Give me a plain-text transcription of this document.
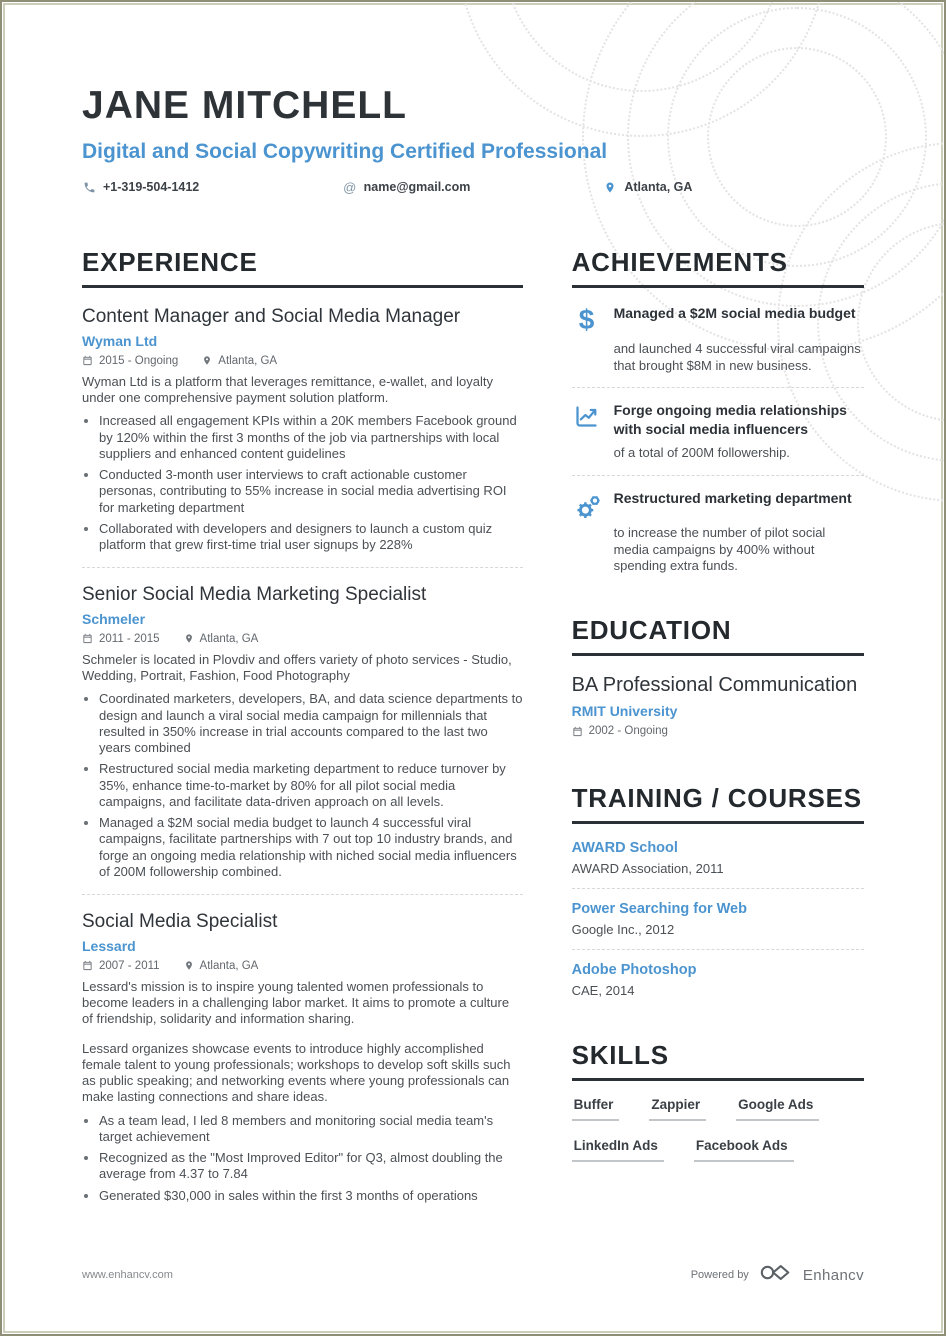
JANE MITCHELL
Digital and Social Copywriting Certified Professional
+1-319-504-1412	@ name@gmail.com	Atlanta, GA
EXPERIENCE
Content Manager and Social Media Manager
Wyman Ltd
2015 - Ongoing	Atlanta, GA

Wyman Ltd is a platform that leverages remittance, e-wallet, and loyalty under one comprehensive payment solution platform.

• Increased all engagement KPIs within a 20K members Facebook ground by 120% within the first 3 months of the job via partnerships with local suppliers and enhanced content guidelines
• Conducted 3-month user interviews to craft actionable customer personas, contributing to 55% increase in social media advertising ROI for marketing department
• Collaborated with developers and designers to launch a custom quiz platform that grew first-time trial user signups by 228%
Senior Social Media Marketing Specialist
Schmeler
2011 - 2015	Atlanta, GA

Schmeler is located in Plovdiv and offers variety of photo services - Studio, Wedding, Portrait, Fashion, Food Photography

• Coordinated marketers, developers, BA, and data science departments to design and launch a viral social media campaign for millennials that resulted in 350% increase in trial accounts compared to the last two years combined
• Restructured social media marketing department to reduce turnover by 35%, enhance time-to-market by 80% for all pilot social media campaigns, and facilitate data-driven approach on all levels.
• Managed a $2M social media budget to launch 4 successful viral campaigns, facilitate partnerships with 7 out top 10 industry brands, and forge an ongoing media relationship with niched social media influencers of 200M followership combined.
Social Media Specialist
Lessard
2007 - 2011	Atlanta, GA

Lessard's mission is to inspire young talented women professionals to become leaders in a challenging labor market. It aims to promote a culture of friendship, solidarity and information sharing.

Lessard organizes showcase events to introduce highly accomplished female talent to young professionals; workshops to develop soft skills such as public speaking; and networking events where young professionals can make lasting connections and share ideas.

• As a team lead, I led 8 members and monitoring social media team's target achievement
• Recognized as the "Most Improved Editor" for Q3, almost doubling the average from 4.37 to 7.84
• Generated $30,000 in sales within the first 3 months of operations
ACHIEVEMENTS
$ Managed a $2M social media budget
and launched 4 successful viral campaigns that brought $8M in new business.
Forge ongoing media relationships with social media influencers
of a total of 200M followership.
Restructured marketing department
to increase the number of pilot social media campaigns by 400% without spending extra funds.
EDUCATION
BA Professional Communication
RMIT University
2002 - Ongoing
TRAINING / COURSES
AWARD School
AWARD Association, 2011
Power Searching for Web
Google Inc., 2012
Adobe Photoshop
CAE, 2014
SKILLS
Buffer	Zappier	Google Ads
LinkedIn Ads	Facebook Ads
www.enhancv.com	Powered by	Enhancv
